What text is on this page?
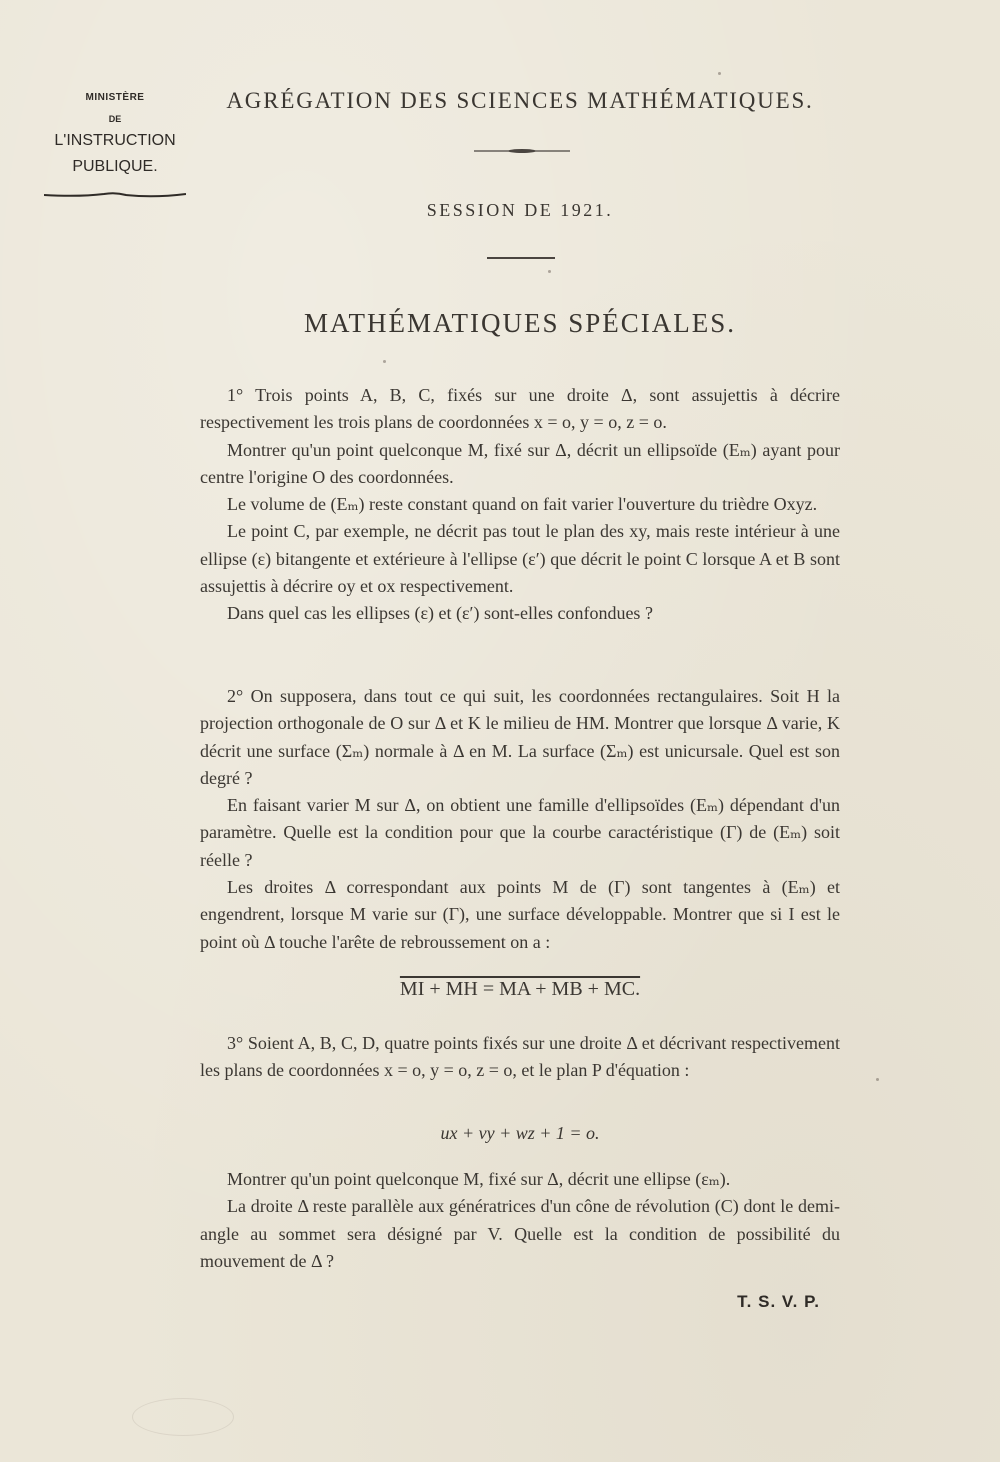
MINISTÈRE
DE
L'INSTRUCTION
PUBLIQUE.
AGRÉGATION DES SCIENCES MATHÉMATIQUES.
SESSION DE 1921.
MATHÉMATIQUES SPÉCIALES.

1° Trois points A, B, C, fixés sur une droite Δ, sont assujettis à décrire respectivement les trois plans de coordonnées x = o, y = o, z = o.

Montrer qu'un point quelconque M, fixé sur Δ, décrit un ellipsoïde (Eₘ) ayant pour centre l'origine O des coordonnées.

Le volume de (Eₘ) reste constant quand on fait varier l'ouverture du trièdre Oxyz.

Le point C, par exemple, ne décrit pas tout le plan des xy, mais reste intérieur à une ellipse (ε) bitangente et extérieure à l'ellipse (ε′) que décrit le point C lorsque A et B sont assujettis à décrire oy et ox respectivement.

Dans quel cas les ellipses (ε) et (ε′) sont-elles confondues ?

2° On supposera, dans tout ce qui suit, les coordonnées rectangulaires. Soit H la projection orthogonale de O sur Δ et K le milieu de HM. Montrer que lorsque Δ varie, K décrit une surface (Σₘ) normale à Δ en M. La surface (Σₘ) est unicursale. Quel est son degré ?

En faisant varier M sur Δ, on obtient une famille d'ellipsoïdes (Eₘ) dépendant d'un paramètre. Quelle est la condition pour que la courbe caractéristique (Γ) de (Eₘ) soit réelle ?

Les droites Δ correspondant aux points M de (Γ) sont tangentes à (Eₘ) et engendrent, lorsque M varie sur (Γ), une surface développable. Montrer que si I est le point où Δ touche l'arête de rebroussement on a :

MI + MH = MA + MB + MC.

3° Soient A, B, C, D, quatre points fixés sur une droite Δ et décrivant respectivement les plans de coordonnées x = o, y = o, z = o, et le plan P d'équation :

ux + vy + wz + 1 = o.

Montrer qu'un point quelconque M, fixé sur Δ, décrit une ellipse (εₘ).

La droite Δ reste parallèle aux génératrices d'un cône de révolution (C) dont le demi-angle au sommet sera désigné par V. Quelle est la condition de possibilité du mouvement de Δ ?

T. S. V. P.
